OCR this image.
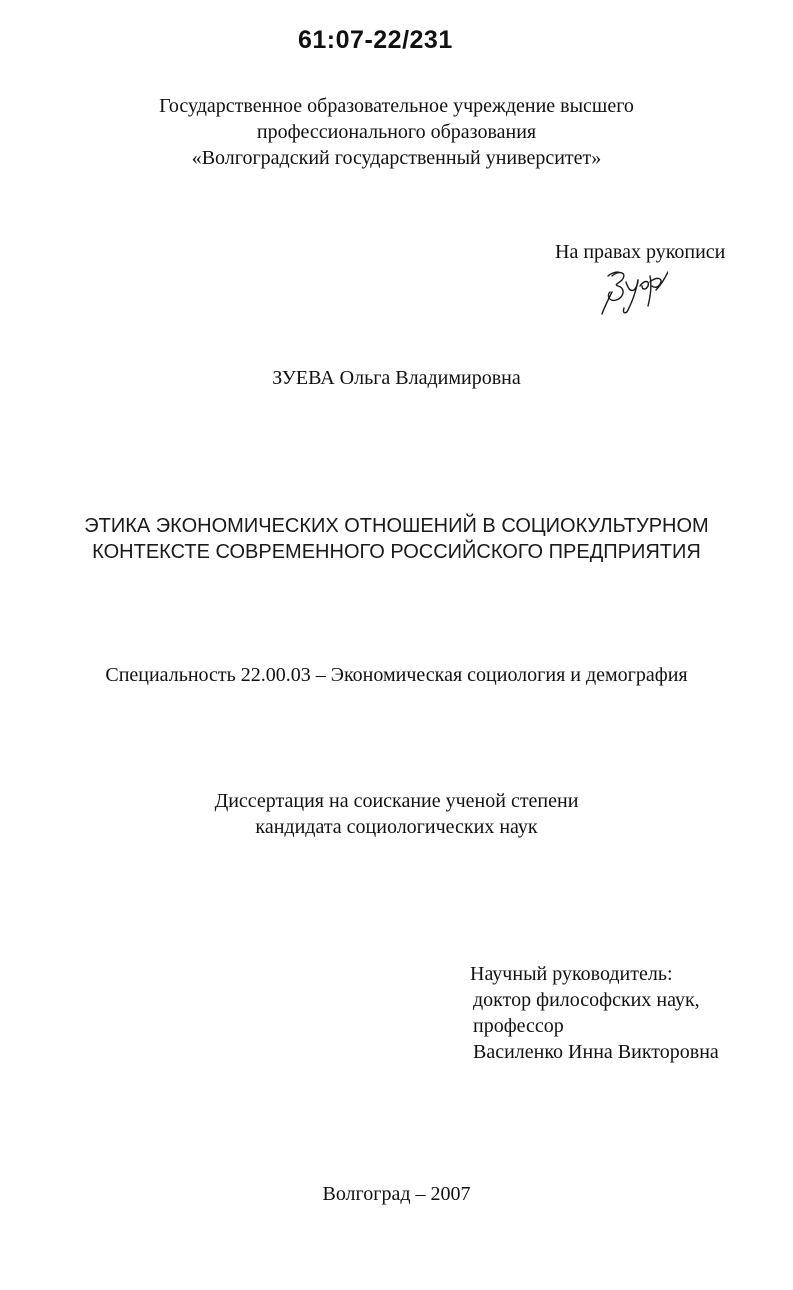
61:07-22/231
Государственное образовательное учреждение высшего
профессионального образования
«Волгоградский государственный университет»
На правах рукописи
ЗУЕВА Ольга Владимировна
ЭТИКА ЭКОНОМИЧЕСКИХ ОТНОШЕНИЙ В СОЦИОКУЛЬТУРНОМ
КОНТЕКСТЕ СОВРЕМЕННОГО РОССИЙСКОГО ПРЕДПРИЯТИЯ
Специальность 22.00.03 – Экономическая социология и демография
Диссертация на соискание ученой степени
кандидата социологических наук
Научный руководитель:
доктор философских наук,
профессор
Василенко Инна Викторовна
Волгоград – 2007
